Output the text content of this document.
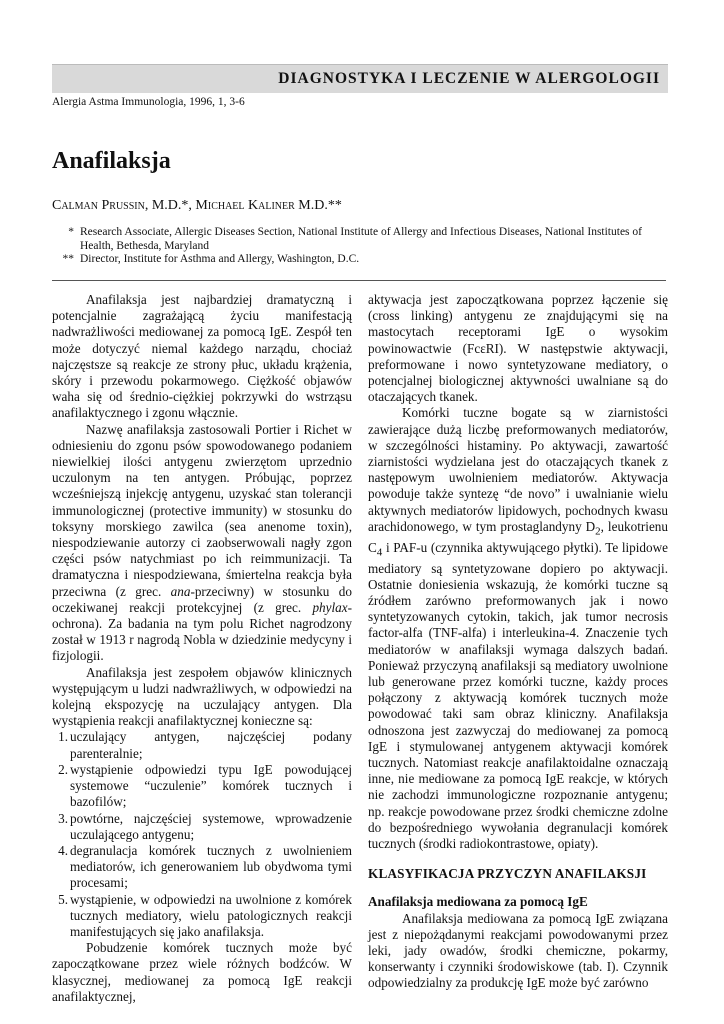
DIAGNOSTYKA I LECZENIE W ALERGOLOGII
Alergia Astma Immunologia, 1996, 1, 3-6
Anafilaksja
Calman Prussin, M.D.*, Michael Kaliner M.D.**
* Research Associate, Allergic Diseases Section, National Institute of Allergy and Infectious Diseases, National Institutes of Health, Bethesda, Maryland
** Director, Institute for Asthma and Allergy, Washington, D.C.

Anafilaksja jest najbardziej dramatyczną i potencjalnie zagrażającą życiu manifestacją nadwrażliwości mediowanej za pomocą IgE. Zespół ten może dotyczyć niemal każdego narządu, chociaż najczęstsze są reakcje ze strony płuc, układu krążenia, skóry i przewodu pokarmowego. Ciężkość objawów waha się od średnio-ciężkiej pokrzywki do wstrząsu anafilaktycznego i zgonu włącznie.

Nazwę anafilaksja zastosowali Portier i Richet w odniesieniu do zgonu psów spowodowanego podaniem niewielkiej ilości antygenu zwierzętom uprzednio uczulonym na ten antygen. Próbując, poprzez wcześniejszą injekcję antygenu, uzyskać stan tolerancji immunologicznej (protective immunity) w stosunku do toksyny morskiego zawilca (sea anenome toxin), niespodziewanie autorzy ci zaobserwowali nagły zgon części psów natychmiast po ich reimmunizacji. Ta dramatyczna i niespodziewana, śmiertelna reakcja była przeciwna (z grec. ana-przeciwny) w stosunku do oczekiwanej reakcji protekcyjnej (z grec. phylax-ochrona). Za badania na tym polu Richet nagrodzony został w 1913 r nagrodą Nobla w dziedzinie medycyny i fizjologii.

Anafilaksja jest zespołem objawów klinicznych występującym u ludzi nadwrażliwych, w odpowiedzi na kolejną ekspozycję na uczulający antygen. Dla wystąpienia reakcji anafilaktycznej konieczne są:

1. uczulający antygen, najczęściej podany parenteralnie;
2. wystąpienie odpowiedzi typu IgE powodującej systemowe “uczulenie” komórek tucznych i bazofilów;
3. powtórne, najczęściej systemowe, wprowadzenie uczulającego antygenu;
4. degranulacja komórek tucznych z uwolnieniem mediatorów, ich generowaniem lub obydwoma tymi procesami;
5. wystąpienie, w odpowiedzi na uwolnione z komórek tucznych mediatory, wielu patologicznych reakcji manifestujących się jako anafilaksja.

Pobudzenie komórek tucznych może być zapoczątkowane przez wiele różnych bodźców. W klasycznej, mediowanej za pomocą IgE reakcji anafilaktycznej,

aktywacja jest zapoczątkowana poprzez łączenie się (cross linking) antygenu ze znajdującymi się na mastocytach receptorami IgE o wysokim powinowactwie (FcεRI). W następstwie aktywacji, preformowane i nowo syntetyzowane mediatory, o potencjalnej biologicznej aktywności uwalniane są do otaczających tkanek.

Komórki tuczne bogate są w ziarnistości zawierające dużą liczbę preformowanych mediatorów, w szczególności histaminy. Po aktywacji, zawartość ziarnistości wydzielana jest do otaczających tkanek z następowym uwolnieniem mediatorów. Aktywacja powoduje także syntezę “de novo” i uwalnianie wielu aktywnych mediatorów lipidowych, pochodnych kwasu arachidonowego, w tym prostaglandyny $D_2$, leukotrienu $C_4$ i PAF-u (czynnika aktywującego płytki). Te lipidowe mediatory są syntetyzowane dopiero po aktywacji. Ostatnie doniesienia wskazują, że komórki tuczne są źródłem zarówno preformowanych jak i nowo syntetyzowanych cytokin, takich, jak tumor necrosis factor-alfa (TNF-alfa) i interleukina-4. Znaczenie tych mediatorów w anafilaksji wymaga dalszych badań. Ponieważ przyczyną anafilaksji są mediatory uwolnione lub generowane przez komórki tuczne, każdy proces połączony z aktywacją komórek tucznych może powodować taki sam obraz kliniczny. Anafilaksja odnoszona jest zazwyczaj do mediowanej za pomocą IgE i stymulowanej antygenem aktywacji komórek tucznych. Natomiast reakcje anafilaktoidalne oznaczają inne, nie mediowane za pomocą IgE reakcje, w których nie zachodzi immunologiczne rozpoznanie antygenu; np. reakcje powodowane przez środki chemiczne zdolne do bezpośredniego wywołania degranulacji komórek tucznych (środki radiokontrastowe, opiaty).

KLASYFIKACJA PRZYCZYN ANAFILAKSJI
Anafilaksja mediowana za pomocą IgE

Anafilaksja mediowana za pomocą IgE związana jest z niepożądanymi reakcjami powodowanymi przez leki, jady owadów, środki chemiczne, pokarmy, konserwanty i czynniki środowiskowe (tab. I). Czynnik odpowiedzialny za produkcję IgE może być zarówno
